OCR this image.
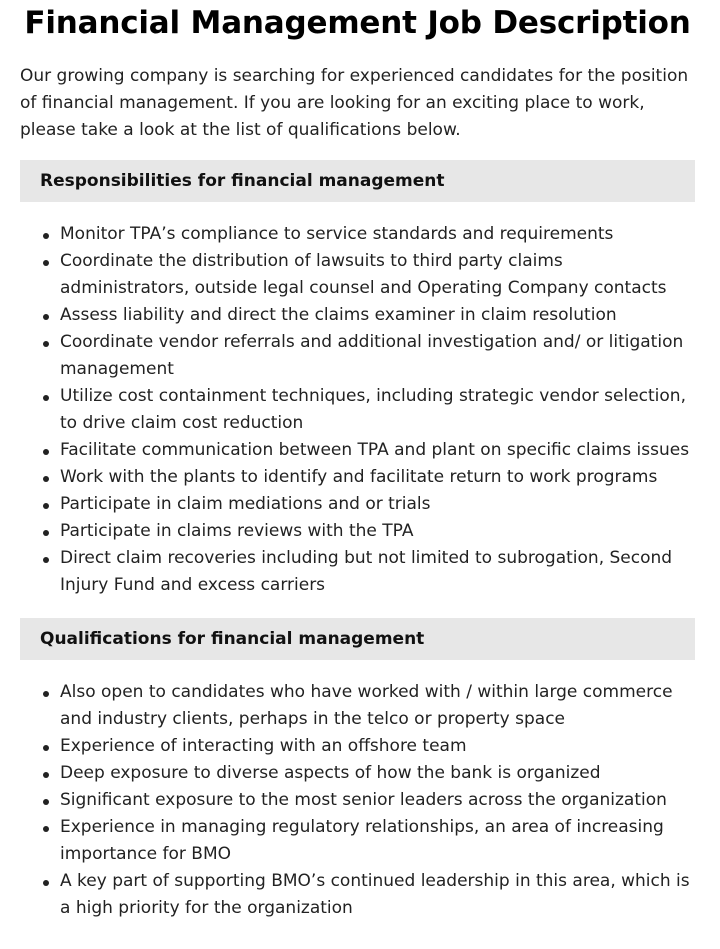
Financial Management Job Description

Our growing company is searching for experienced candidates for the position of financial management. If you are looking for an exciting place to work, please take a look at the list of qualifications below.

Responsibilities for financial management
Monitor TPA’s compliance to service standards and requirements
Coordinate the distribution of lawsuits to third party claims administrators, outside legal counsel and Operating Company contacts
Assess liability and direct the claims examiner in claim resolution
Coordinate vendor referrals and additional investigation and/ or litigation management
Utilize cost containment techniques, including strategic vendor selection, to drive claim cost reduction
Facilitate communication between TPA and plant on specific claims issues
Work with the plants to identify and facilitate return to work programs
Participate in claim mediations and or trials
Participate in claims reviews with the TPA
Direct claim recoveries including but not limited to subrogation, Second Injury Fund and excess carriers
Qualifications for financial management
Also open to candidates who have worked with / within large commerce and industry clients, perhaps in the telco or property space
Experience of interacting with an offshore team
Deep exposure to diverse aspects of how the bank is organized
Significant exposure to the most senior leaders across the organization
Experience in managing regulatory relationships, an area of increasing importance for BMO
A key part of supporting BMO’s continued leadership in this area, which is a high priority for the organization
